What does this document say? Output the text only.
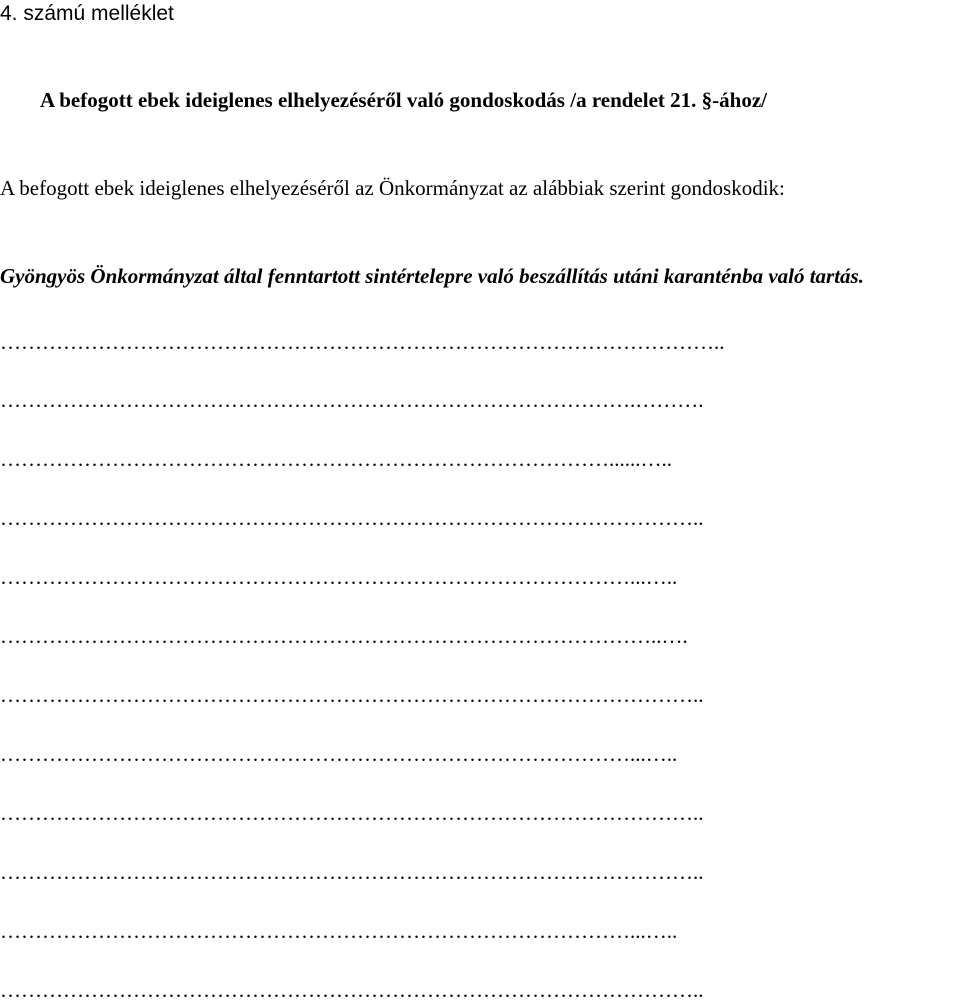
4. számú melléklet
A befogott ebek ideiglenes elhelyezéséről való gondoskodás /a rendelet 21. §-ához/
A befogott ebek ideiglenes elhelyezéséről az Önkormányzat az alábbiak szerint gondoskodik:
Gyöngyös Önkormányzat által fenntartott sintértelepre való beszállítás utáni karanténba való tartás.
…………………………………………………………………………………………..
……………………………………………………………………………….……….
……………………………………………………………………………......…..
………………………………………………………………………………………..
………………………………………………………………………………...…..
…………………………………………………………………………………..….
………………………………………………………………………………………..
………………………………………………………………………………...…..
………………………………………………………………………………………..
………………………………………………………………………………………..
………………………………………………………………………………...…..
………………………………………………………………………………………..
